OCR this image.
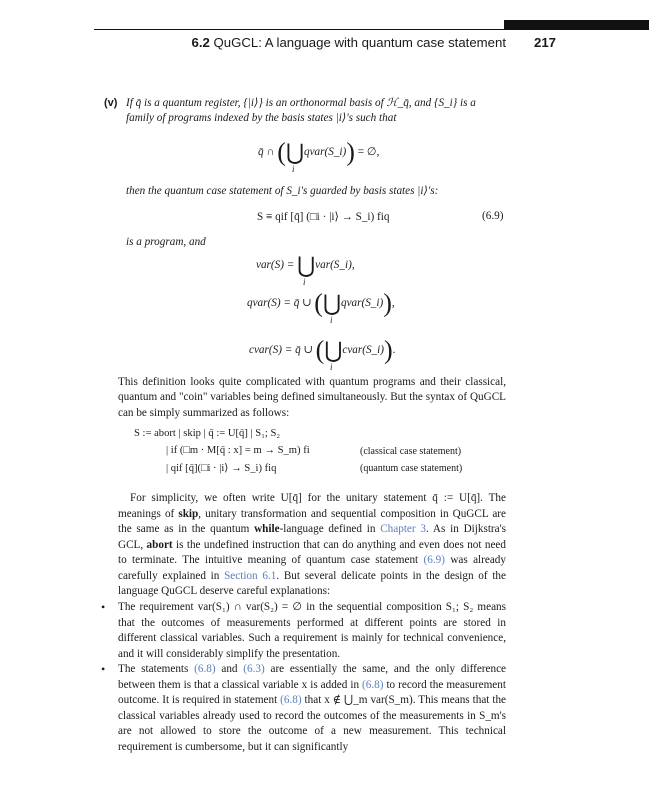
6.2 QuGCL: A language with quantum case statement 217
(v) If q̄ is a quantum register, {|i⟩} is an orthonormal basis of ℋ_q̄, and {S_i} is a
family of programs indexed by the basis states |i⟩'s such that
q̄ ∩ (⋃qvar(S_i)) = ∅,
i
then the quantum case statement of S_i's guarded by basis states |i⟩'s:
S ≡ qif [q̄] (□i · |i⟩ → S_i) fiq	(6.9)
is a program, and
var(S) = ⋃var(S_i),
i
qvar(S) = q̄ ∪ (⋃qvar(S_i)),
i
cvar(S) = q̄ ∪ (⋃cvar(S_i)).
i
This definition looks quite complicated with quantum programs and their classical, quantum and "coin" variables being defined simultaneously. But the syntax of QuGCL can be simply summarized as follows:
S := abort | skip | q̄ := U[q̄] | S₁; S₂
| if (□m · M[q̄ : x] = m → S_m) fi	(classical case statement)
| qif [q̄](□i · |i⟩ → S_i) fiq	(quantum case statement)
For simplicity, we often write U[q̄] for the unitary statement q̄ := U[q̄]. The meanings of skip, unitary transformation and sequential composition in QuGCL are the same as in the quantum while-language defined in Chapter 3. As in Dijkstra's GCL, abort is the undefined instruction that can do anything and even does not need to terminate. The intuitive meaning of quantum case statement (6.9) was already carefully explained in Section 6.1. But several delicate points in the design of the language QuGCL deserve careful explanations:
• The requirement var(S₁) ∩ var(S₂) = ∅ in the sequential composition S₁; S₂ means that the outcomes of measurements performed at different points are stored in different classical variables. Such a requirement is mainly for technical convenience, and it will considerably simplify the presentation.
• The statements (6.8) and (6.3) are essentially the same, and the only difference between them is that a classical variable x is added in (6.8) to record the measurement outcome. It is required in statement (6.8) that x ∉ ⋃_m var(S_m). This means that the classical variables already used to record the outcomes of the measurements in S_m's are not allowed to store the outcome of a new measurement. This technical requirement is cumbersome, but it can significantly
